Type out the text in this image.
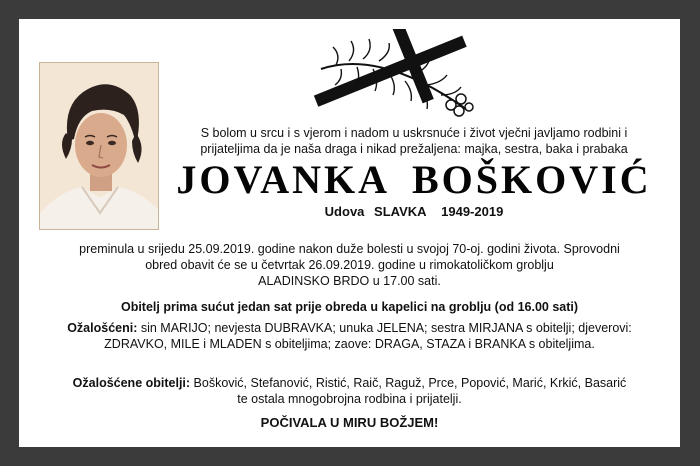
S bolom u srcu i s vjerom i nadom u uskrsnuće i život vječni javljamo rodbini i
prijateljima da je naša draga i nikad prežaljena: majka, sestra, baka i prabaka
JOVANKA BOŠKOVIĆ
Udova SLAVKA 1949-2019
preminula u srijedu 25.09.2019. godine nakon duže bolesti u svojoj 70-oj. godini života. Sprovodni
obred obavit će se u četvrtak 26.09.2019. godine u rimokatoličkom groblju
ALADINSKO BRDO u 17.00 sati.
Obitelj prima sućut jedan sat prije obreda u kapelici na groblju (od 16.00 sati)
Ožalošćeni: sin MARIJO; nevjesta DUBRAVKA; unuka JELENA; sestra MIRJANA s obitelji; djeverovi:
ZDRAVKO, MILE i MLADEN s obiteljima; zaove: DRAGA, STAZA i BRANKA s obiteljima.
Ožalošćene obitelji: Bošković, Stefanović, Ristić, Raič, Raguž, Prce, Popović, Marić, Krkić, Basarić
te ostala mnogobrojna rodbina i prijatelji.
POČIVALA U MIRU BOŽJEM!
